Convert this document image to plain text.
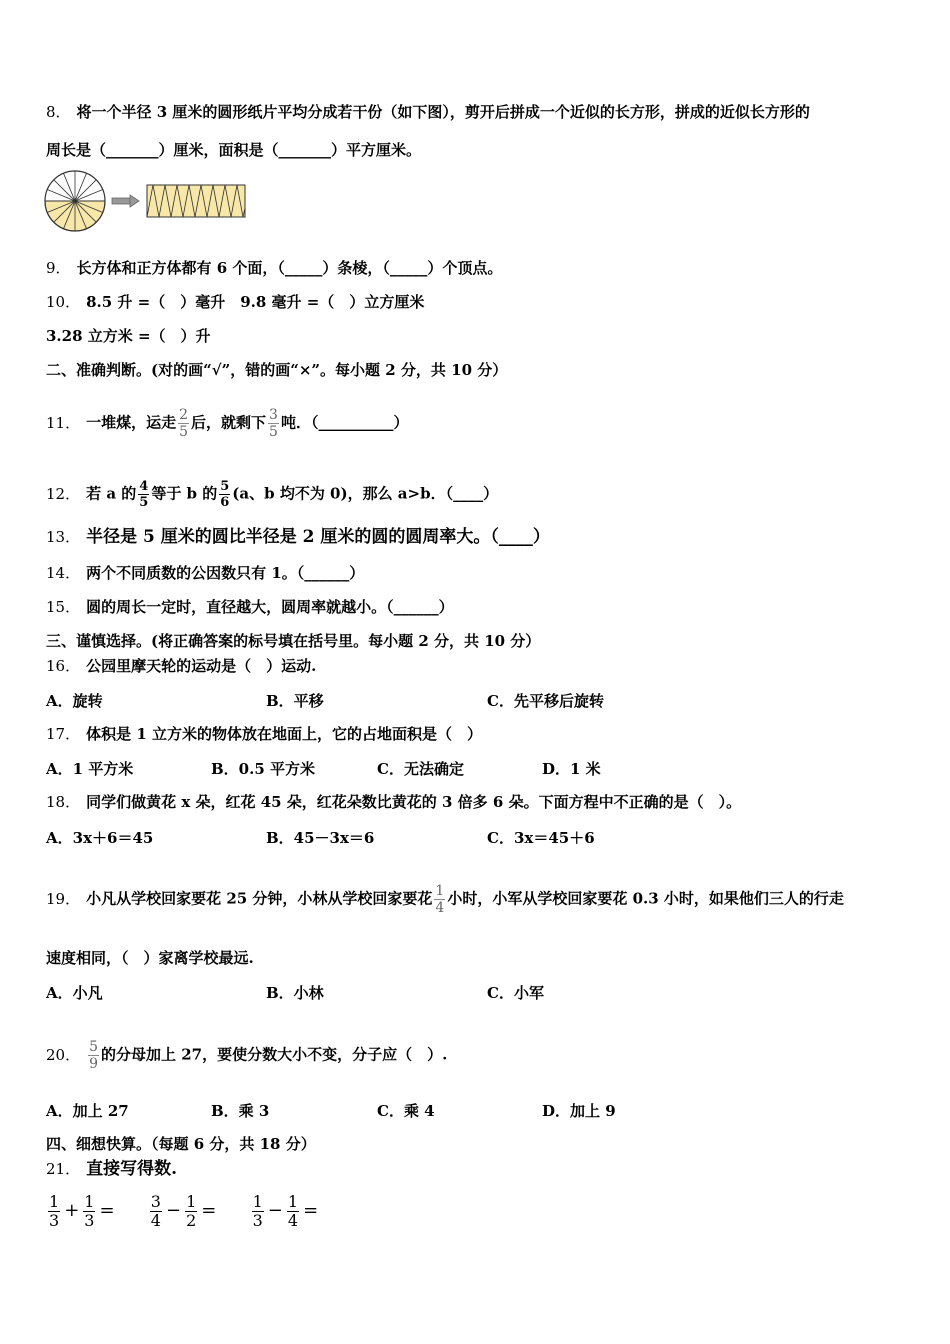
8． 将一个半径 3 厘米的圆形纸片平均分成若干份（如下图），剪开后拼成一个近似的长方形，拼成的近似长方形的
周长是（_______）厘米，面积是（_______）平方厘米。
9． 长方体和正方体都有 6 个面，（_____）条棱，（_____）个顶点。
10． 8.5 升 =（　）毫升　9.8 毫升 =（　）立方厘米
3.28 立方米 =（　）升
二、准确判断。(对的画“√”，错的画“×”。每小题 2 分，共 10 分）
11． 一堆煤，运走 $\frac{2}{5}$ 后，就剩下 $\frac{3}{5}$ 吨．（__________）
12． 若 a 的 $\frac{4}{5}$ 等于 b 的 $\frac{5}{6} (a$、b 均不为 0)，那么 a>b．（____）
13． 半径是 5 厘米的圆比半径是 2 厘米的圆的圆周率大。（____）
14． 两个不同质数的公因数只有 1。（______）
15． 圆的周长一定时，直径越大，圆周率就越小。（______）
三、谨慎选择。(将正确答案的标号填在括号里。每小题 2 分，共 10 分）
16． 公园里摩天轮的运动是（　）运动.
A．旋转	B．平移	C．先平移后旋转
17． 体积是 1 立方米的物体放在地面上，它的占地面积是（　）
A．1 平方米	B．0.5 平方米	C．无法确定	D．1 米
18． 同学们做黄花 x 朵，红花 45 朵，红花朵数比黄花的 3 倍多 6 朵。下面方程中不正确的是（　）。
A．3x＋6＝45	B．45－3x＝6	C．3x＝45＋6
19． 小凡从学校回家要花 25 分钟，小林从学校回家要花 $\frac{1}{4}$ 小时，小军从学校回家要花 0.3 小时，如果他们三人的行走
速度相同，（　）家离学校最远.
A．小凡	B．小林	C．小军
20． $\frac{5}{9}$ 的分母加上 27，要使分数大小不变，分子应（　）.
A．加上 27	B．乘 3	C．乘 4	D．加上 9
四、细想快算。（每题 6 分，共 18 分）
21． 直接写得数.
$\frac{1}{3} + \frac{1}{3} = \frac{3}{4} - \frac{1}{2} = \frac{1}{3} - \frac{1}{4}$ =
